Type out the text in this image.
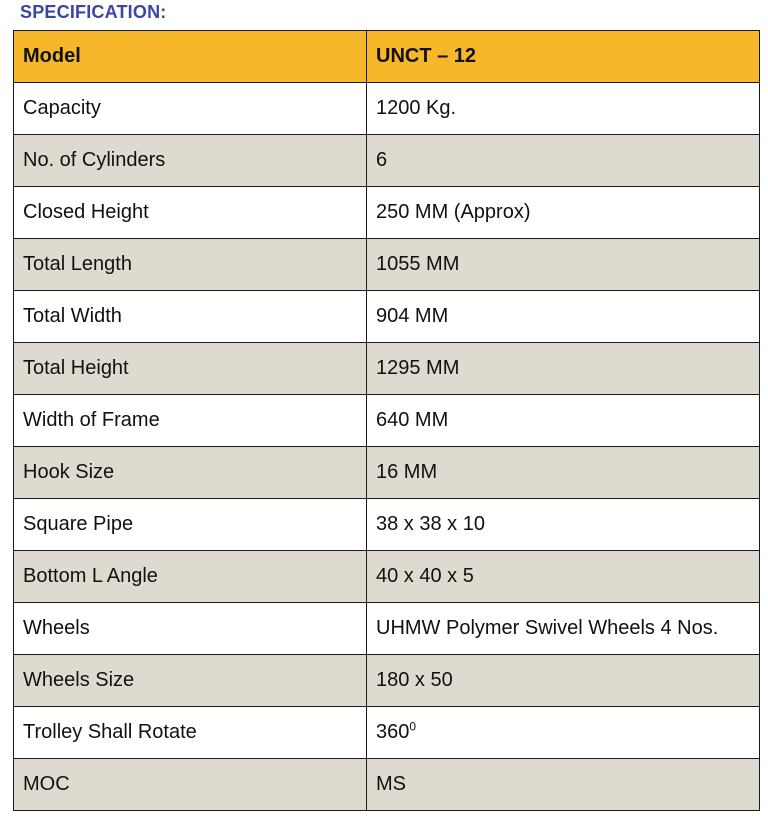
SPECIFICATION:
Model	UNCT – 12
Capacity	1200 Kg.
No. of Cylinders	6
Closed Height	250 MM (Approx)
Total Length	1055 MM
Total Width	904 MM
Total Height	1295 MM
Width of Frame	640 MM
Hook Size	16 MM
Square Pipe	38 x 38 x 10
Bottom L Angle	40 x 40 x 5
Wheels	UHMW Polymer Swivel Wheels 4 Nos.
Wheels Size	180 x 50
Trolley Shall Rotate	$360^0$
MOC	MS
